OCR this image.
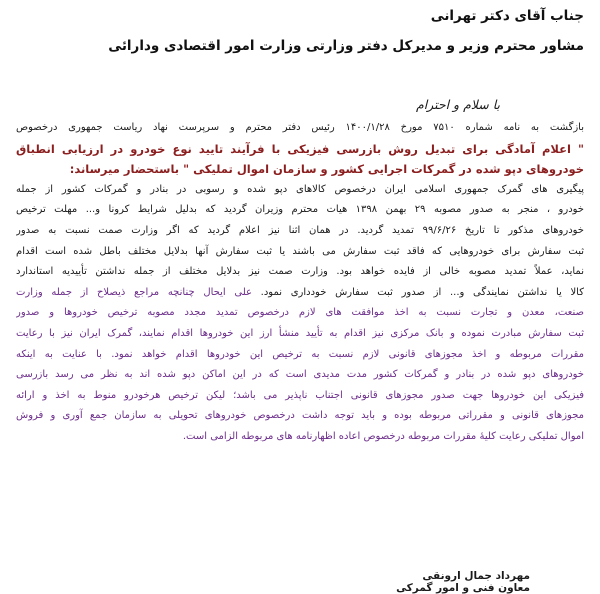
جناب آقای دکتر تهرانی
مشاور محترم وزیر و مدیرکل دفتر وزارتی وزارت امور اقتصادی ودارائی
با سلام و احترام
بازگشت به نامه شماره ۷۵۱۰ مورخ ۱۴۰۰/۱/۲۸ رئیس دفتر محترم و سرپرست نهاد ریاست جمهوری درخصوص
" اعلام آمادگی برای تبدیل روش بازرسی فیزیکی با فرآیند تایید نوع خودرو در ارزیابی انطباق
خودروهای دپو شده در گمرکات اجرایی کشور و سازمان اموال تملیکی " باستحضار میرساند:
پیگیری های گمرک جمهوری اسلامی ایران درخصوص کالاهای دپو شده و رسوبی در بنادر و گمرکات کشور از جمله
خودرو ، منجر به صدور مصوبه ۲۹ بهمن ۱۳۹۸ هیات محترم وزیران گردید که بدلیل شرایط کرونا و... مهلت ترخیص
خودروهای مذکور تا تاریخ ۹۹/۶/۲۶ تمدید گردید. در همان اثنا نیز اعلام گردید که اگر وزارت صمت نسبت به صدور
ثبت سفارش برای خودروهایی که فاقد ثبت سفارش می باشند یا ثبت سفارش آنها بدلایل مختلف باطل شده است اقدام
نماید، عملاً تمدید مصوبه خالی از فایده خواهد بود. وزارت صمت نیز بدلایل مختلف از جمله نداشتن تأییدیه استاندارد
کالا یا نداشتن نمایندگی و... از صدور ثبت سفارش خودداری نمود. علی ایحال چنانچه مراجع ذیصلاح از جمله وزارت
صنعت، معدن و تجارت نسبت به اخذ موافقت های لازم درخصوص تمدید مجدد مصوبه ترخیص خودروها و صدور
ثبت سفارش مبادرت نموده و بانک مرکزی نیز اقدام به تأیید منشأ ارز این خودروها اقدام نمایند، گمرک ایران نیز با رعایت
مقررات مربوطه و اخذ مجوزهای قانونی لازم نسبت به ترخیص این خودروها اقدام خواهد نمود. با عنایت به اینکه
خودروهای دپو شده در بنادر و گمرکات کشور مدت مدیدی است که در این اماکن دپو شده اند به نظر می رسد بازرسی
فیزیکی این خودروها جهت صدور مجوزهای قانونی اجتناب ناپذیر می باشد؛ لیکن ترخیص هرخودرو منوط به اخذ و ارائه
مجوزهای قانونی و مقرراتی مربوطه بوده و باید توجه داشت درخصوص خودروهای تحویلی به سازمان جمع آوری و فروش
اموال تملیکی رعایت کلیهٔ مقررات مربوطه درخصوص اعاده اظهارنامه های مربوطه الزامی است.
مهرداد جمال ارونقی
معاون فنی و امور گمرکی
